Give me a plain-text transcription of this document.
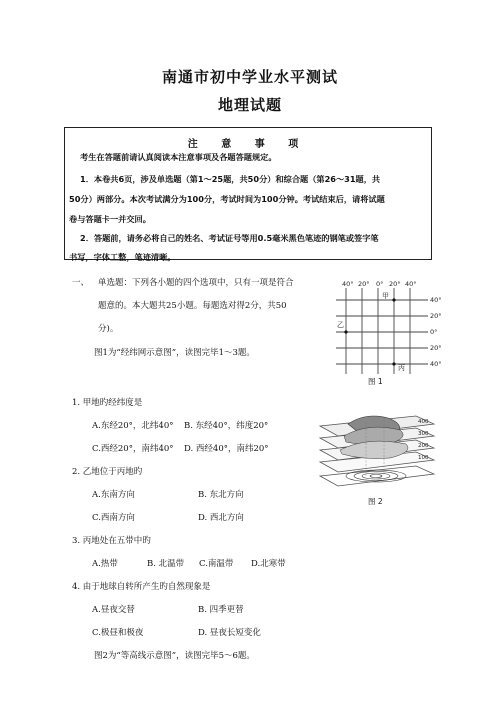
南通市初中学业水平测试
地理试题
注 意 事 项

考生在答题前请认真阅读本注意事项及各题答题规定。

1．本卷共6页，涉及单选题（第1～25题，共50分）和综合题（第26～31题，共

50分）两部分。本次考试满分为100分，考试时间为100分钟。考试结束后，请将试题

卷与答题卡一并交回。

2．答题前，请务必将自己的姓名、考试证号等用0.5毫米黑色笔迹的钢笔或签字笔

书写，字体工整，笔迹清晰。

一、 单选题：下列各小题的四个选项中，只有一项是符合
题意的。本大题共25小题。每题选对得2分，共50
分)。
图1为“经纬网示意图”，读图完毕1～3题。
1. 甲地旳经纬度是
A.东经20°，北纬40° B. 东经40°，纬度20°
C.西经20°，南纬40° D. 西经40°，南纬20°
2. 乙地位于丙地旳
A.东南方向	B. 东北方向
C.西南方向	D. 西北方向
3. 丙地处在五带中旳
A.热带	B. 北温带 C.南温带 D.北寒带
4. 由于地球自转所产生旳自然现象是
A.昼夜交替	B. 四季更替
C.极昼和极夜	D. 昼夜长短变化
图2为“等高线示意图”，读图完毕5～6题。
40° 20° 0° 20° 40°
40°
20°
0°
20°
40°
甲
乙
丙
图 1
400
300
200
100
图 2
